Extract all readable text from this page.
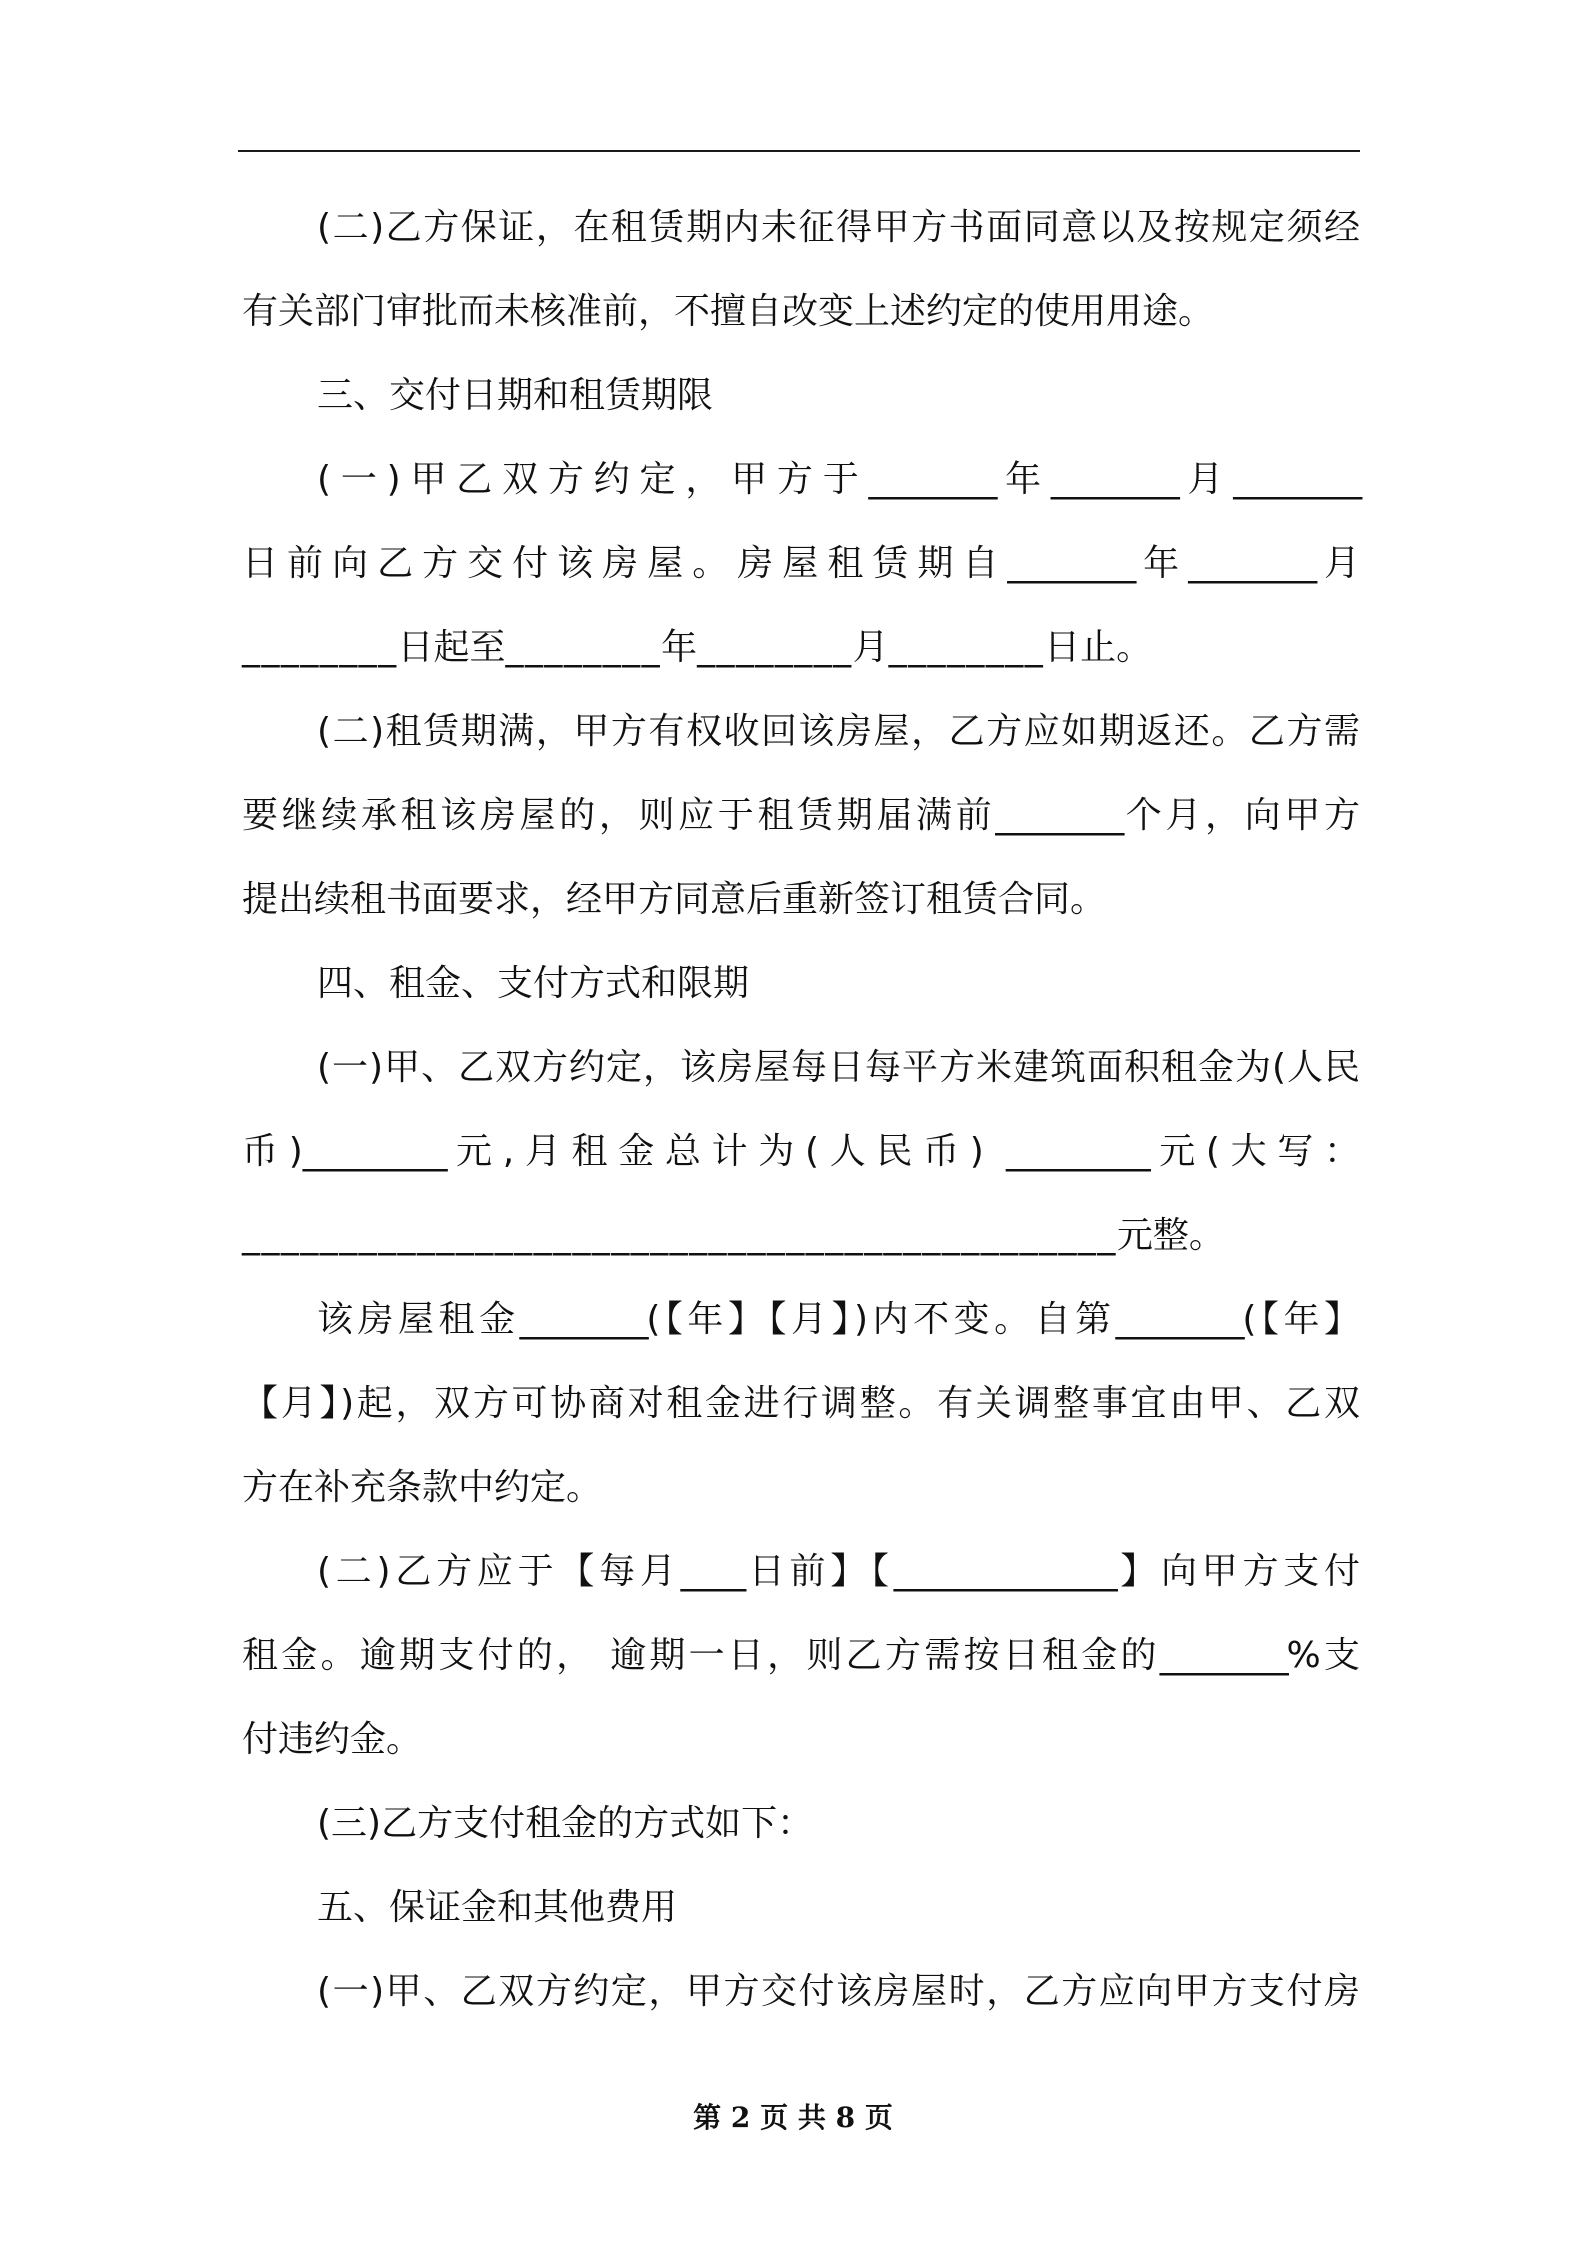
(二)乙方保证，在租赁期内未征得甲方书面同意以及按规定须经
有关部门审批而未核准前，不擅自改变上述约定的使用用途。
三、交付日期和租赁期限
(一)甲乙双方约定，甲方于________年________月________
日前向乙方交付该房屋。房屋租赁期自________年________月
________日起至________年________月________日止。
(二)租赁期满，甲方有权收回该房屋，乙方应如期返还。乙方需
要继续承租该房屋的，则应于租赁期届满前________个月，向甲方
提出续租书面要求，经甲方同意后重新签订租赁合同。
四、租金、支付方式和限期
(一)甲、乙双方约定，该房屋每日每平方米建筑面积租金为(人民
币)_________元,月租金总计为(人民币) _________元(大写：
_____________________________________________元整。
该房屋租金________(【年】【月】)内不变。自第________(【年】
【月】)起，双方可协商对租金进行调整。有关调整事宜由甲、乙双
方在补充条款中约定。
(二)乙方应于【每月____日前】【______________】向甲方支付
租金。逾期支付的， 逾期一日，则乙方需按日租金的________%支
付违约金。
(三)乙方支付租金的方式如下：
五、保证金和其他费用
(一)甲、乙双方约定，甲方交付该房屋时，乙方应向甲方支付房
第 2 页 共 8 页
